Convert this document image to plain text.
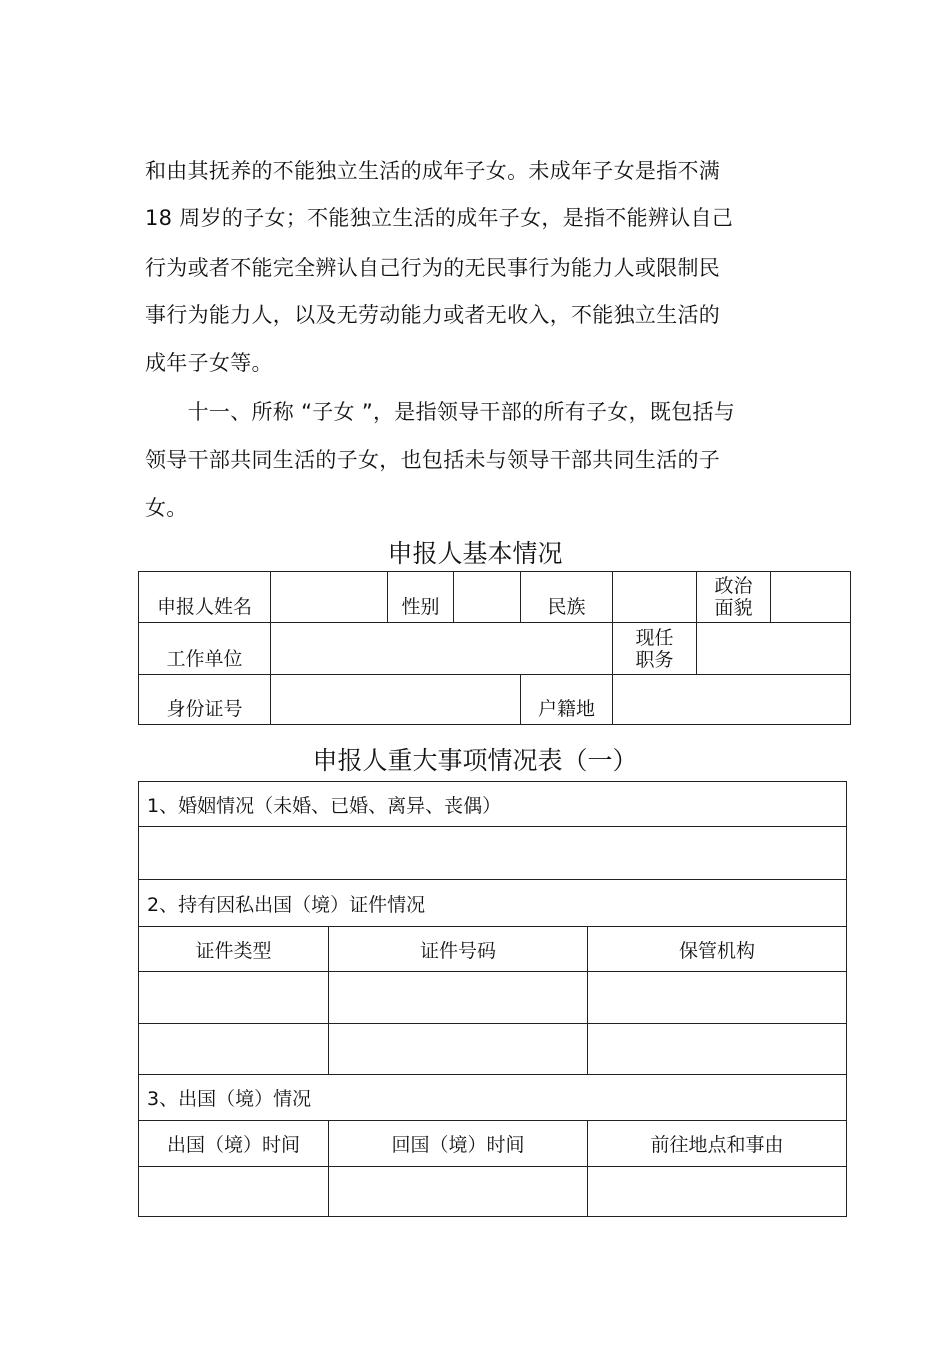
和由其抚养的不能独立生活的成年子女。未成年子女是指不满
18 周岁的子女；不能独立生活的成年子女，是指不能辨认自己
行为或者不能完全辨认自己行为的无民事行为能力人或限制民
事行为能力人，以及无劳动能力或者无收入，不能独立生活的
成年子女等。
　　十一、所称 “子女 ”，是指领导干部的所有子女，既包括与
领导干部共同生活的子女，也包括未与领导干部共同生活的子
女。
申报人基本情况
申报人姓名		性别		民族		政治
面貌	

工作单位					现任
职务		

身份证号				户籍地			
申报人重大事项情况表（一）
1、婚姻情况（未婚、已婚、离异、丧偶）		

2、持有因私出国（境）证件情况		
证件类型	证件号码	保管机构

3、出国（境）情况		
出国（境）时间	回国（境）时间	前往地点和事由
